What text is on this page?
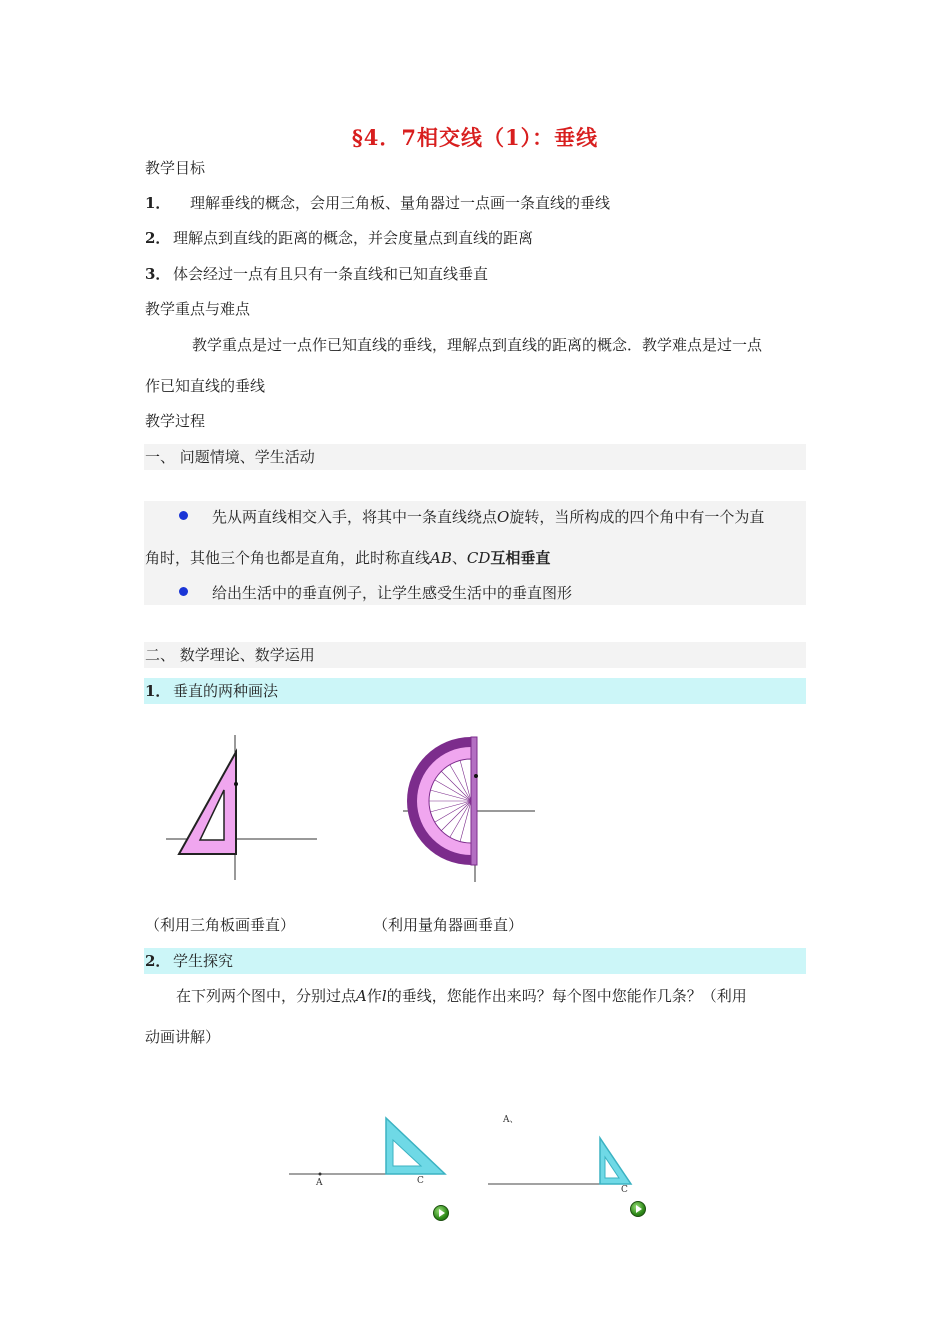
§4．7相交线（1）：垂线
教学目标
1． 理解垂线的概念，会用三角板、量角器过一点画一条直线的垂线
2． 理解点到直线的距离的概念，并会度量点到直线的距离
3． 体会经过一点有且只有一条直线和已知直线垂直
教学重点与难点
教学重点是过一点作已知直线的垂线，理解点到直线的距离的概念．教学难点是过一点
作已知直线的垂线
教学过程
一、 问题情境、学生活动
先从两直线相交入手，将其中一条直线绕点O旋转，当所构成的四个角中有一个为直
角时，其他三个角也都是直角，此时称直线AB、CD互相垂直
给出生活中的垂直例子，让学生感受生活中的垂直图形
二、 数学理论、数学运用
1． 垂直的两种画法
（利用三角板画垂直）	（利用量角器画垂直）
2． 学生探究
在下列两个图中，分别过点A作l的垂线，您能作出来吗？每个图中您能作几条？（利用
动画讲解）
A	C
A、
C
